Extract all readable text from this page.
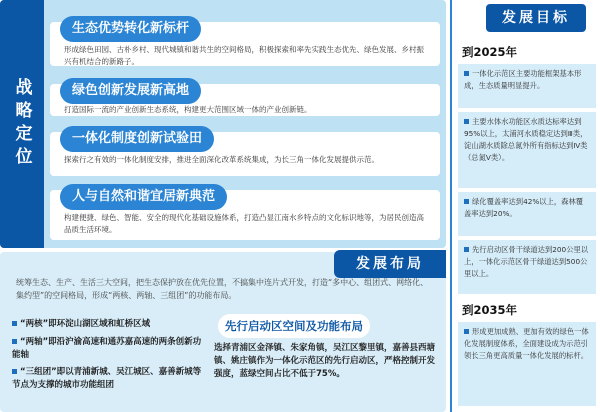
战略定位
生态优势转化新标杆
形成绿色田园、古朴乡村、现代城镇和谐共生的空间格局，积极探索和率先实践生态优先、绿色发展、乡村振兴有机结合的新路子。
绿色创新发展新高地
打造国际一流的产业创新生态系统，构建更大范围区域一体的产业创新链。
一体化制度创新试验田
探索行之有效的一体化制度安排，推进全面深化改革系统集成，为长三角一体化发展提供示范。
人与自然和谐宜居新典范
构建便捷、绿色、智能、安全的现代化基础设施体系，打造凸显江南水乡特点的文化标识地等，为居民创造高品质生活环境。
发展布局
统筹生态、生产、生活三大空间，把生态保护放在优先位置，不搞集中连片式开发，打造“多中心、组团式、网络化、集约型”的空间格局，形成“两核、两轴、三组团”的功能布局。
“两核”即环淀山湖区域和虹桥区域
“两轴”即沿沪渝高速和通苏嘉高速的两条创新功能轴
“三组团”即以青浦新城、吴江城区、嘉善新城等节点为支撑的城市功能组团
先行启动区空间及功能布局
选择青浦区金泽镇、朱家角镇，吴江区黎里镇，嘉善县西塘镇、姚庄镇作为一体化示范区的先行启动区，严格控制开发强度，蓝绿空间占比不低于75%。
发展目标
到2025年
一体化示范区主要功能框架基本形成，生态质量明显提升。
主要水体水功能区水质达标率达到95%以上，太浦河水质稳定达到Ⅲ类，淀山湖水质除总氮外所有指标达到Ⅳ类（总氮Ⅴ类）。
绿化覆盖率达到42%以上，森林覆盖率达到20%。
先行启动区骨干绿道达到200公里以上，一体化示范区骨干绿道达到500公里以上。
到2035年
形成更加成熟、更加有效的绿色一体化发展制度体系，全面建设成为示范引领长三角更高质量一体化发展的标杆。
